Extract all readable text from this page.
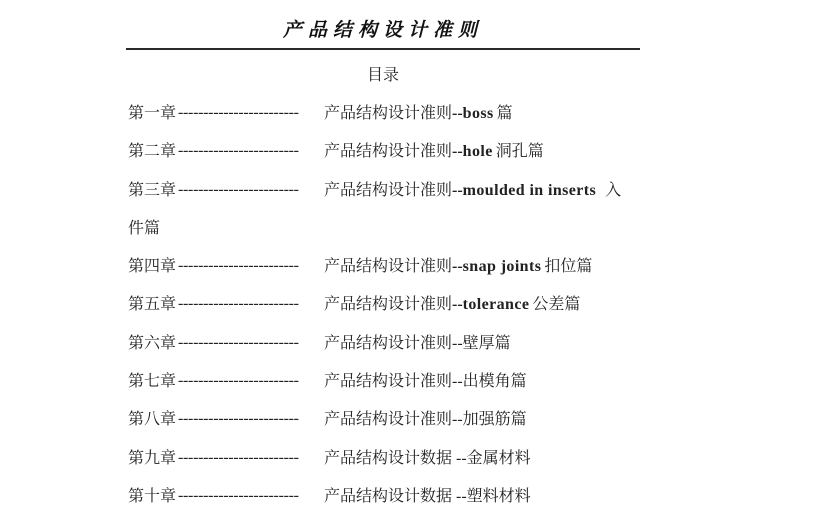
产品结构设计准则
目录
第一章 ------------------------ 产品结构设计准则--boss 篇
第二章 ------------------------ 产品结构设计准则--hole 洞孔篇
第三章 ------------------------ 产品结构设计准则--moulded in inserts 入
件篇
第四章 ------------------------ 产品结构设计准则--snap joints 扣位篇
第五章 ------------------------ 产品结构设计准则--tolerance 公差篇
第六章 ------------------------ 产品结构设计准则--壁厚篇
第七章 ------------------------ 产品结构设计准则--出模角篇
第八章 ------------------------ 产品结构设计准则--加强筋篇
第九章 ------------------------ 产品结构设计数据 --金属材料
第十章 ------------------------ 产品结构设计数据 --塑料材料
